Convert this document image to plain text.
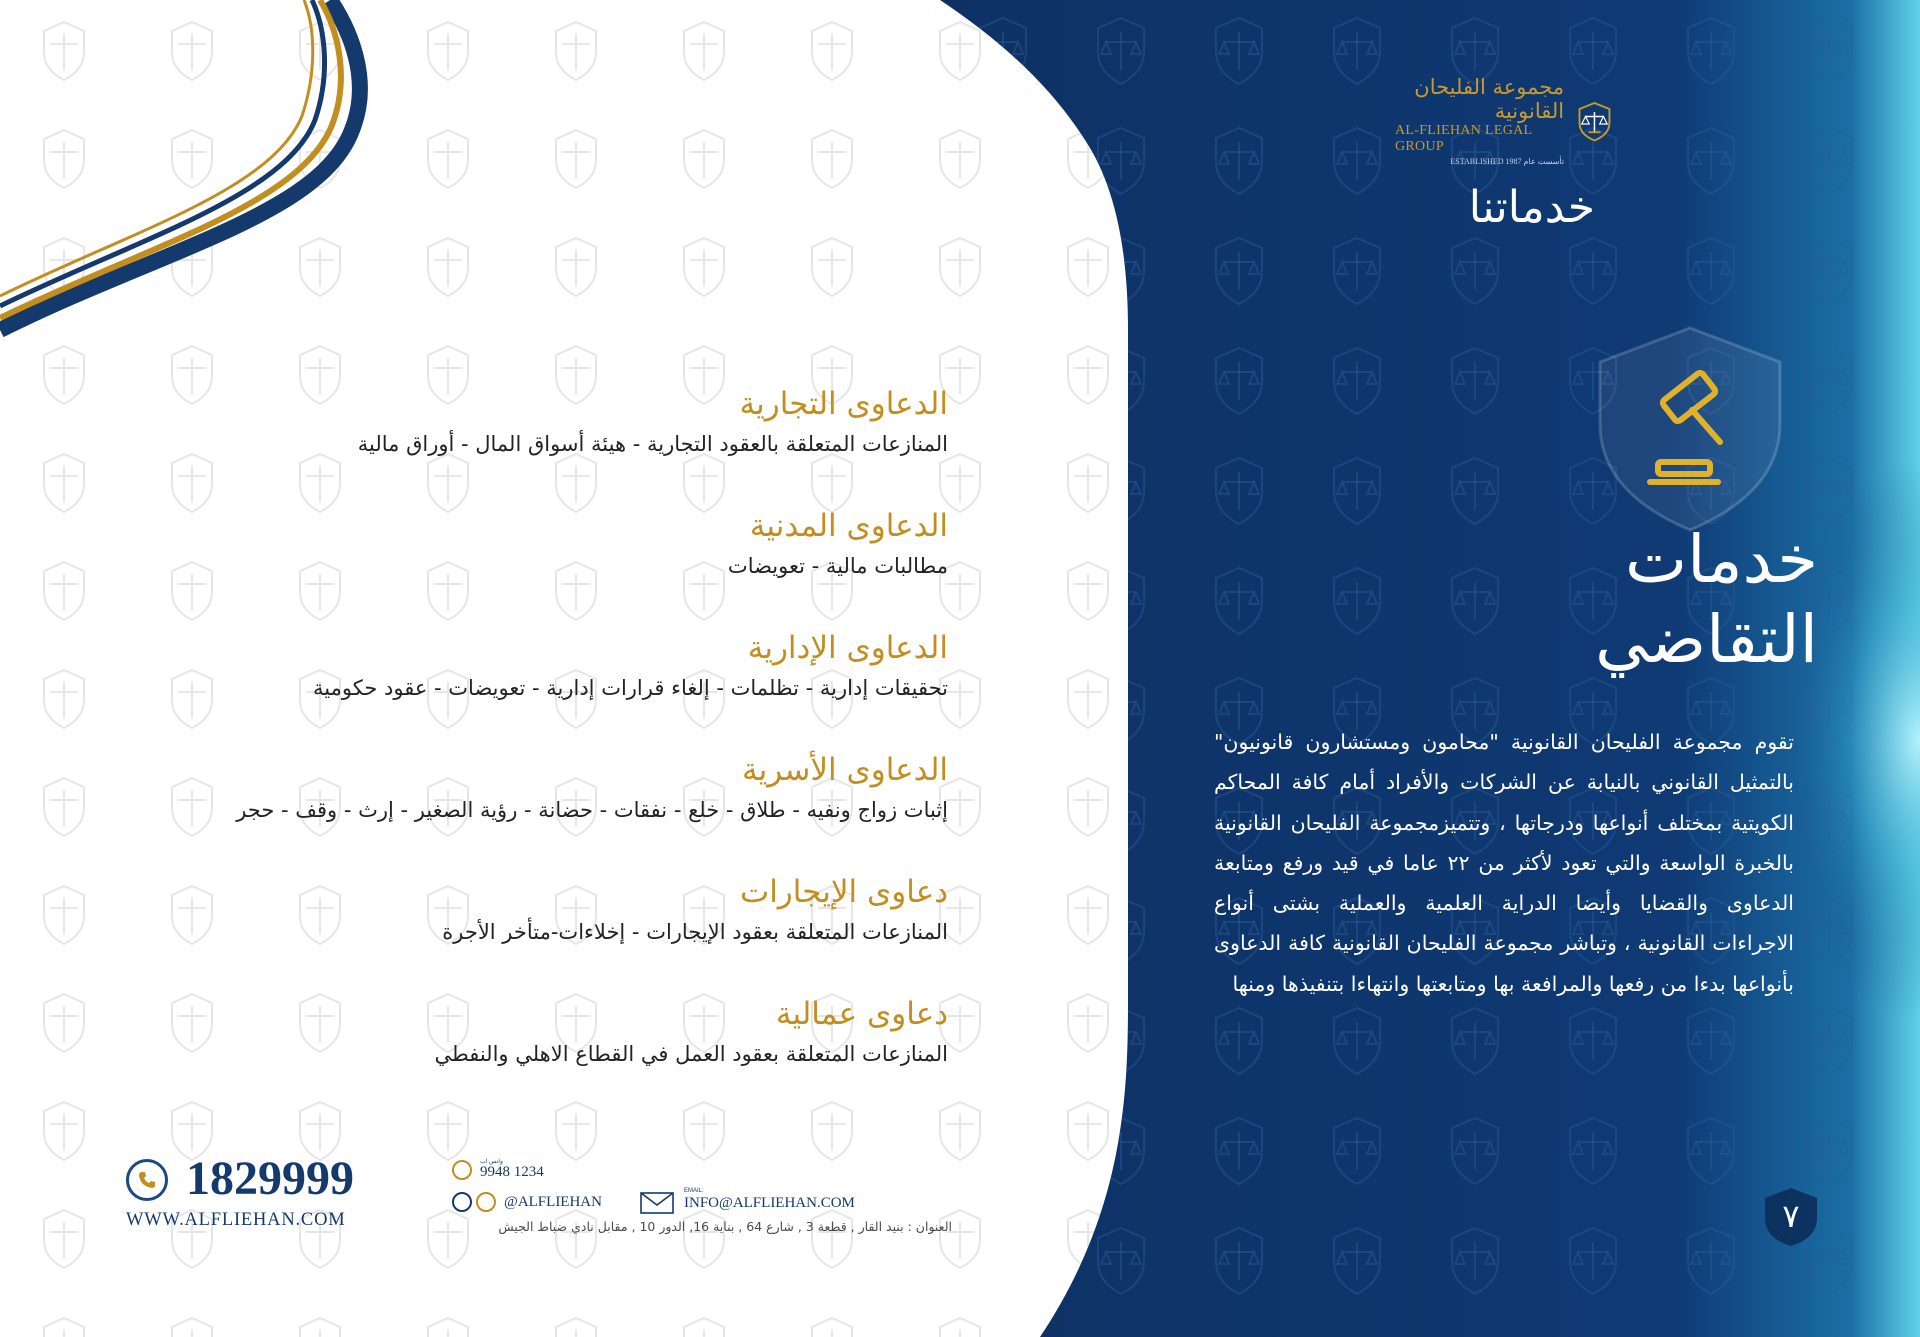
مجموعة الفليحان القانونية
AL-FLIEHAN LEGAL GROUP
ESTABLISHED 1987 تأسست عام
خدماتنا
خدمات
التقاضي
تقوم مجموعة الفليحان القانونية "محامون ومستشارون قانونيون" بالتمثيل القانوني بالنيابة عن الشركات والأفراد أمام كافة المحاكم الكويتية بمختلف أنواعها ودرجاتها ، وتتميزمجموعة الفليحان القانونية بالخبرة الواسعة والتي تعود لأكثر من ٢٢ عاما في قيد ورفع ومتابعة الدعاوى والقضايا وأيضا الدراية العلمية والعملية بشتى أنواع الاجراءات القانونية ، وتباشر مجموعة الفليحان القانونية كافة الدعاوى بأنواعها بدءا من رفعها والمرافعة بها ومتابعتها وانتهاءا بتنفيذها ومنها
الدعاوى التجارية
المنازعات المتعلقة بالعقود التجارية - هيئة أسواق المال - أوراق مالية
الدعاوى المدنية
مطالبات مالية - تعويضات
الدعاوى الإدارية
تحقيقات إدارية - تظلمات - إلغاء قرارات إدارية - تعويضات - عقود حكومية
الدعاوى الأسرية
إثبات زواج ونفيه - طلاق - خلع - نفقات - حضانة - رؤية الصغير - إرث - وقف - حجر
دعاوى الإيجارات
المنازعات المتعلقة بعقود الإيجارات - إخلاءات-متأخر الأجرة
دعاوى عمالية
المنازعات المتعلقة بعقود العمل في القطاع الاهلي والنفطي
1829999
WWW.ALFLIEHAN.COM
واتس اب
9948 1234
@ALFLIEHAN
EMAIL:
INFO@ALFLIEHAN.COM
العنوان : بنيد القار , قطعة 3 , شارع 64 , بناية 16, الدور 10 , مقابل نادي ضباط الجيش	٧
